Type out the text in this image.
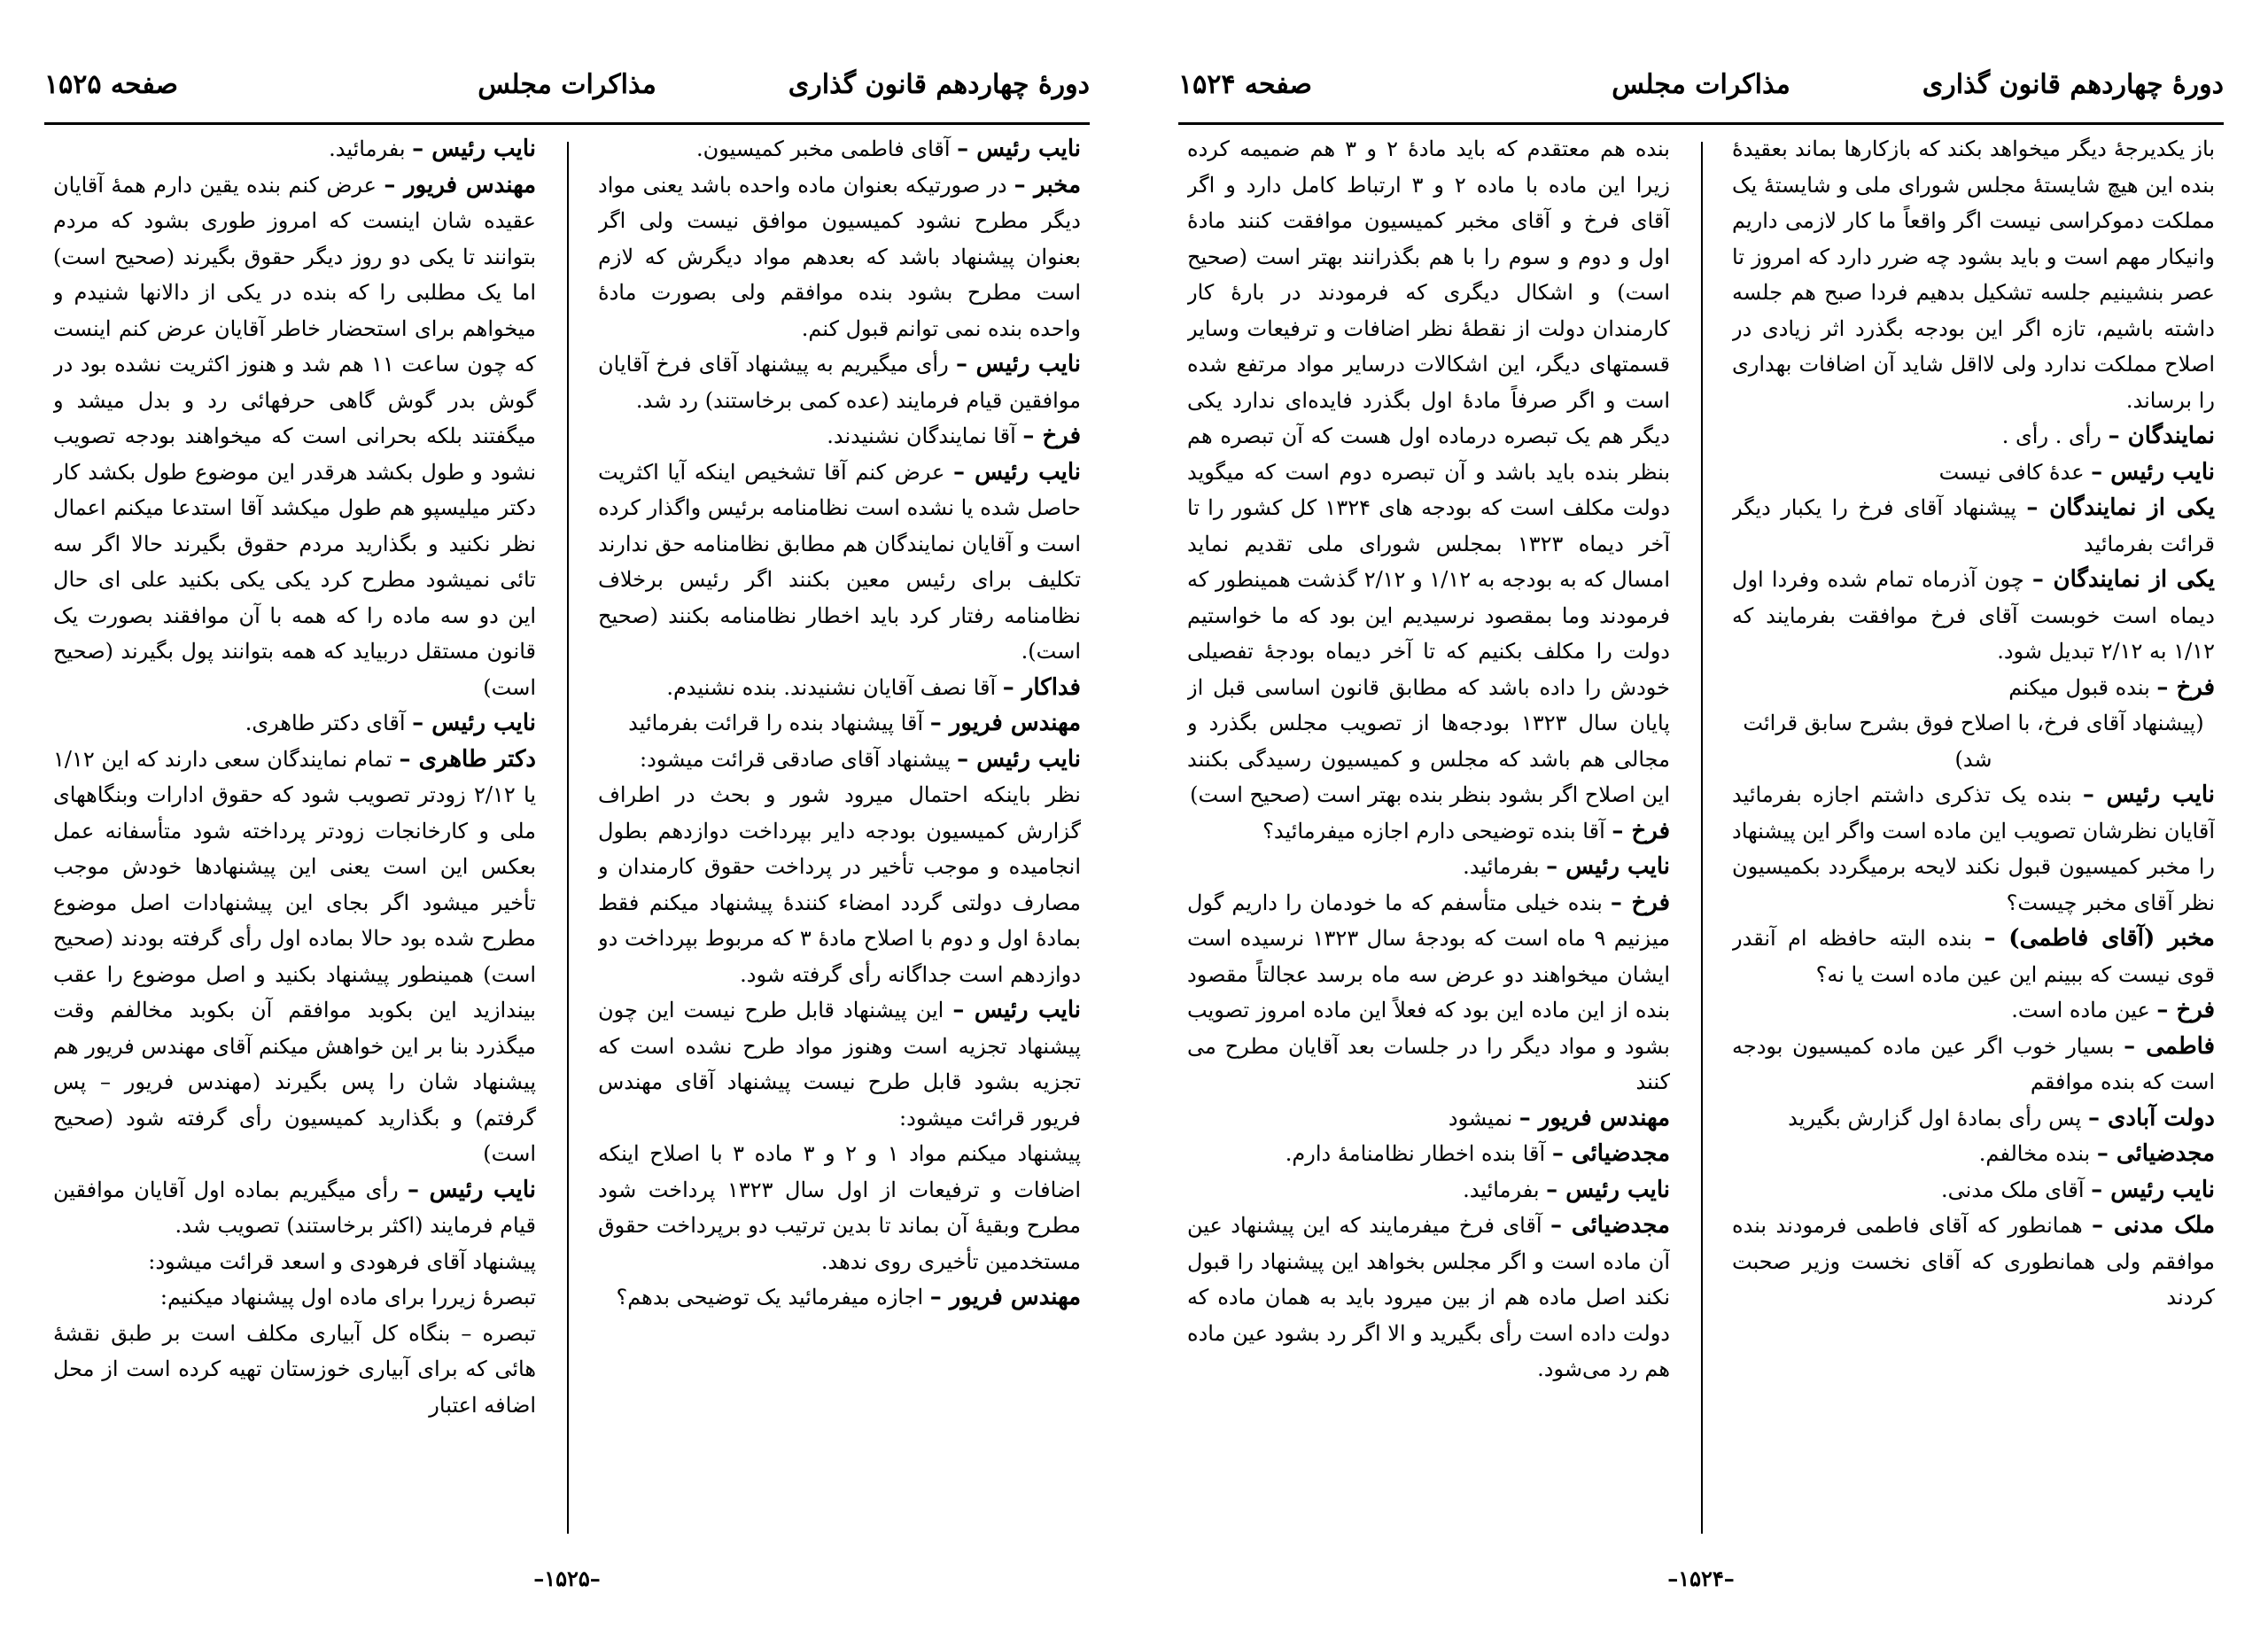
دورهٔ چهاردهم قانون گذاری
مذاکرات مجلس
صفحه ۱۵۲۵

نایب رئیس – آقای فاطمی مخبر کمیسیون.

مخبر – در صورتیکه بعنوان ماده واحده باشد یعنی مواد دیگر مطرح نشود کمیسیون موافق نیست ولی اگر بعنوان پیشنهاد باشد که بعدهم مواد دیگرش که لازم است مطرح بشود بنده موافقم ولی بصورت مادهٔ واحده بنده نمی توانم قبول کنم.

نایب رئیس – رأی میگیریم به پیشنهاد آقای فرخ آقایان موافقین قیام فرمایند (عده کمی برخاستند) رد شد.

فرخ – آقا نمایندگان نشنیدند.

نایب رئیس – عرض کنم آقا تشخیص اینکه آیا اکثریت حاصل شده یا نشده است نظامنامه برئیس واگذار کرده است و آقایان نمایندگان هم مطابق نظامنامه حق ندارند تکلیف برای رئیس معین بکنند اگر رئیس برخلاف نظامنامه رفتار کرد باید اخطار نظامنامه بکنند (صحیح است).

فداکار – آقا نصف آقایان نشنیدند. بنده نشنیدم.

مهندس فریور – آقا پیشنهاد بنده را قرائت بفرمائید

نایب رئیس – پیشنهاد آقای صادقی قرائت میشود:

نظر باینکه احتمال میرود شور و بحث در اطراف گزارش کمیسیون بودجه دایر بپرداخت دوازدهم بطول انجامیده و موجب تأخیر در پرداخت حقوق کارمندان و مصارف دولتی گردد امضاء کنندهٔ پیشنهاد میکنم فقط بمادهٔ اول و دوم با اصلاح مادهٔ ۳ که مربوط بپرداخت دو دوازدهم است جداگانه رأی گرفته شود.

نایب رئیس – این پیشنهاد قابل طرح نیست این چون پیشنهاد تجزیه است وهنوز مواد طرح نشده است که تجزیه بشود قابل طرح نیست پیشنهاد آقای مهندس فریور قرائت میشود:

پیشنهاد میکنم مواد ۱ و ۲ و ۳ ماده ۳ با اصلاح اینکه اضافات و ترفیعات از اول سال ۱۳۲۳ پرداخت شود مطرح وبقیهٔ آن بماند تا بدین ترتیب دو برپرداخت حقوق مستخدمین تأخیری روی ندهد.

مهندس فریور – اجازه میفرمائید یک توضیحی بدهم؟

نایب رئیس – بفرمائید.

مهندس فریور – عرض کنم بنده یقین دارم همهٔ آقایان عقیده شان اینست که امروز طوری بشود که مردم بتوانند تا یکی دو روز دیگر حقوق بگیرند (صحیح است) اما یک مطلبی را که بنده در یکی از دالانها شنیدم و میخواهم برای استحضار خاطر آقایان عرض کنم اینست که چون ساعت ۱۱ هم شد و هنوز اکثریت نشده بود در گوش بدر گوش گاهی حرفهائی رد و بدل میشد و میگفتند بلکه بحرانی است که میخواهند بودجه تصویب نشود و طول بکشد هرقدر این موضوع طول بکشد کار دکتر میلیسپو هم طول میکشد آقا استدعا میکنم اعمال نظر نکنید و بگذارید مردم حقوق بگیرند حالا اگر سه تائی نمیشود مطرح کرد یکی یکی بکنید علی ای حال این دو سه ماده را که همه با آن موافقند بصورت یک قانون مستقل دربیاید که همه بتوانند پول بگیرند (صحیح است)

نایب رئیس – آقای دکتر طاهری.

دکتر طاهری – تمام نمایندگان سعی دارند که این ۱/۱۲ یا ۲/۱۲ زودتر تصویب شود که حقوق ادارات وبنگاههای ملی و کارخانجات زودتر پرداخته شود متأسفانه عمل بعکس این است یعنی این پیشنهادها خودش موجب تأخیر میشود اگر بجای این پیشنهادات اصل موضوع مطرح شده بود حالا بماده اول رأی گرفته بودند (صحیح است) همینطور پیشنهاد بکنید و اصل موضوع را عقب بیندازید این بکوبد موافقم آن بکوبد مخالفم وقت میگذرد بنا بر این خواهش میکنم آقای مهندس فریور هم پیشنهاد شان را پس بگیرند (مهندس فریور – پس گرفتم) و بگذارید کمیسیون رأی گرفته شود (صحیح است)

نایب رئیس – رأی میگیریم بماده اول آقایان موافقین قیام فرمایند (اکثر برخاستند) تصویب شد.

پیشنهاد آقای فرهودی و اسعد قرائت میشود:

تبصرهٔ زیررا برای ماده اول پیشنهاد میکنیم:

تبصره – بنگاه کل آبیاری مکلف است بر طبق نقشهٔ هائی که برای آبیاری خوزستان تهیه کرده است از محل اضافه اعتبار

–۱۵۲۵–
دورهٔ چهاردهم قانون گذاری
مذاکرات مجلس
صفحه ۱۵۲۴

باز یکدیرجهٔ دیگر میخواهد بکند که بازکارها بماند بعقیدهٔ بنده این هیچ شایستهٔ مجلس شورای ملی و شایستهٔ یک مملکت دموکراسی نیست اگر واقعاً ما کار لازمی داریم وانیکار مهم است و باید بشود چه ضرر دارد که امروز تا عصر بنشینیم جلسه تشکیل بدهیم فردا صبح هم جلسه داشته باشیم، تازه اگر این بودجه بگذرد اثر زیادی در اصلاح مملکت ندارد ولی لااقل شاید آن اضافات بهداری را برساند.

نمایندگان – رأی . رأی .

نایب رئیس – عدهٔ کافی نیست

یکی از نمایندگان – پیشنهاد آقای فرخ را یکبار دیگر قرائت بفرمائید

یکی از نمایندگان – چون آذرماه تمام شده وفردا اول دیماه است خوبست آقای فرخ موافقت بفرمایند که ۱/۱۲ به ۲/۱۲ تبدیل شود.

فرخ – بنده قبول میکنم

(پیشنهاد آقای فرخ، با اصلاح فوق بشرح سابق قرائت شد)

نایب رئیس – بنده یک تذکری داشتم اجازه بفرمائید آقایان نظرشان تصویب این ماده است واگر این پیشنهاد را مخبر کمیسیون قبول نکند لایحه برمیگردد بکمیسیون نظر آقای مخبر چیست؟

مخبر (آقای فاطمی) – بنده البته حافظه ام آنقدر قوی نیست که ببینم این عین ماده است یا نه؟

فرخ – عین ماده است.

فاطمی – بسیار خوب اگر عین ماده کمیسیون بودجه است که بنده موافقم

دولت آبادی – پس رأی بمادهٔ اول گزارش بگیرید

مجدضیائی – بنده مخالفم.

نایب رئیس – آقای ملک مدنی.

ملک مدنی – همانطور که آقای فاطمی فرمودند بنده موافقم ولی همانطوری که آقای نخست وزیر صحبت کردند

بنده هم معتقدم که باید مادهٔ ۲ و ۳ هم ضمیمه کرده زیرا این ماده با ماده ۲ و ۳ ارتباط کامل دارد و اگر آقای فرخ و آقای مخبر کمیسیون موافقت کنند مادهٔ اول و دوم و سوم را با هم بگذرانند بهتر است (صحیح است) و اشکال دیگری که فرمودند در بارهٔ کار کارمندان دولت از نقطهٔ نظر اضافات و ترفیعات وسایر قسمتهای دیگر، این اشکالات درسایر مواد مرتفع شده است و اگر صرفاً مادهٔ اول بگذرد فایده‌ای ندارد یکی دیگر هم یک تبصره درماده اول هست که آن تبصره هم بنظر بنده باید باشد و آن تبصره دوم است که میگوید دولت مکلف است که بودجه های ۱۳۲۴ کل کشور را تا آخر دیماه ۱۳۲۳ بمجلس شورای ملی تقدیم نماید امسال که به بودجه به ۱/۱۲ و ۲/۱۲ گذشت همینطور که فرمودند وما بمقصود نرسیدیم این بود که ما خواستیم دولت را مکلف بکنیم که تا آخر دیماه بودجهٔ تفصیلی خودش را داده باشد که مطابق قانون اساسی قبل از پایان سال ۱۳۲۳ بودجه‌ها از تصویب مجلس بگذرد و مجالی هم باشد که مجلس و کمیسیون رسیدگی بکنند این اصلاح اگر بشود بنظر بنده بهتر است (صحیح است)

فرخ – آقا بنده توضیحی دارم اجازه میفرمائید؟

نایب رئیس – بفرمائید.

فرخ – بنده خیلی متأسفم که ما خودمان را داریم گول میزنیم ۹ ماه است که بودجهٔ سال ۱۳۲۳ نرسیده است ایشان میخواهند دو عرض سه ماه برسد عجالتاً مقصود بنده از این ماده این بود که فعلاً این ماده امروز تصویب بشود و مواد دیگر را در جلسات بعد آقایان مطرح می کنند

مهندس فریور – نمیشود

مجدضیائی – آقا بنده اخطار نظامنامهٔ دارم.

نایب رئیس – بفرمائید.

مجدضیائی – آقای فرخ میفرمایند که این پیشنهاد عین آن ماده است و اگر مجلس بخواهد این پیشنهاد را قبول نکند اصل ماده هم از بین میرود باید به همان ماده که دولت داده است رأی بگیرید و الا اگر رد بشود عین ماده هم رد می‌شود.

–۱۵۲۴–
